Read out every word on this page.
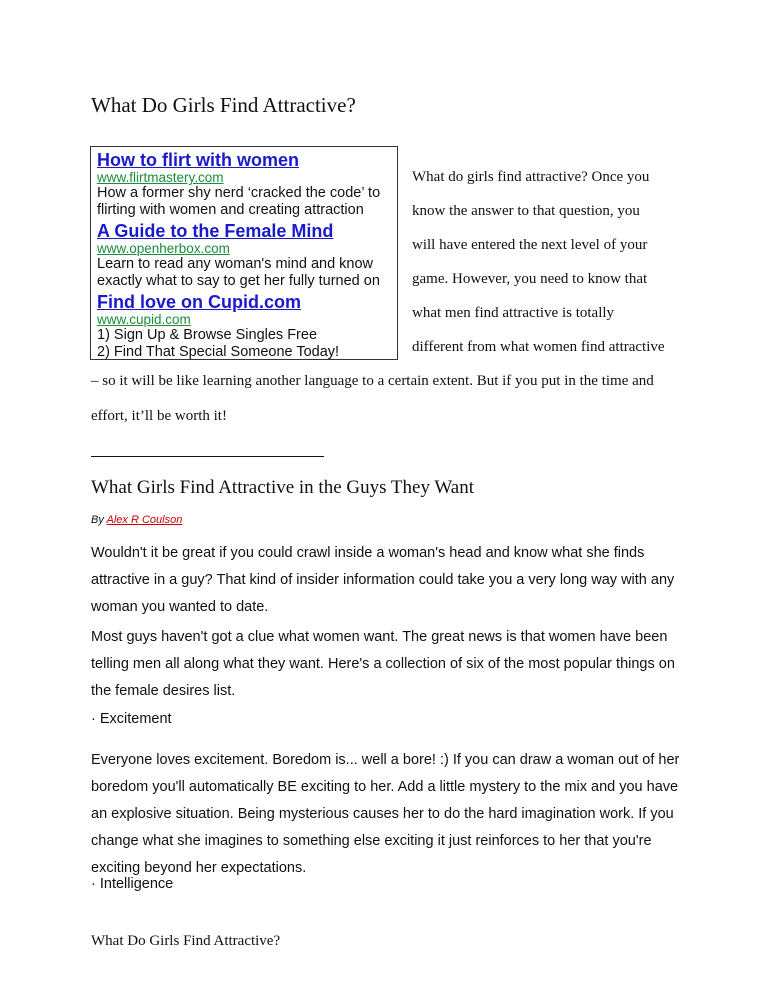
What Do Girls Find Attractive?
How to flirt with women
www.flirtmastery.com
How a former shy nerd ‘cracked the code’ to
flirting with women and creating attraction
A Guide to the Female Mind
www.openherbox.com
Learn to read any woman's mind and know
exactly what to say to get her fully turned on
Find love on Cupid.com
www.cupid.com
1) Sign Up & Browse Singles Free
2) Find That Special Someone Today!
What do girls find attractive? Once you
know the answer to that question, you
will have entered the next level of your
game. However, you need to know that
what men find attractive is totally
different from what women find attractive
– so it will be like learning another language to a certain extent. But if you put in the time and
effort, it’ll be worth it!
What Girls Find Attractive in the Guys They Want
By Alex R Coulson
Wouldn't it be great if you could crawl inside a woman's head and know what she finds
attractive in a guy? That kind of insider information could take you a very long way with any
woman you wanted to date.
Most guys haven't got a clue what women want. The great news is that women have been
telling men all along what they want. Here's a collection of six of the most popular things on
the female desires list.
· Excitement
Everyone loves excitement. Boredom is... well a bore! :) If you can draw a woman out of her
boredom you'll automatically BE exciting to her. Add a little mystery to the mix and you have
an explosive situation. Being mysterious causes her to do the hard imagination work. If you
change what she imagines to something else exciting it just reinforces to her that you're
exciting beyond her expectations.
· Intelligence
What Do Girls Find Attractive?
